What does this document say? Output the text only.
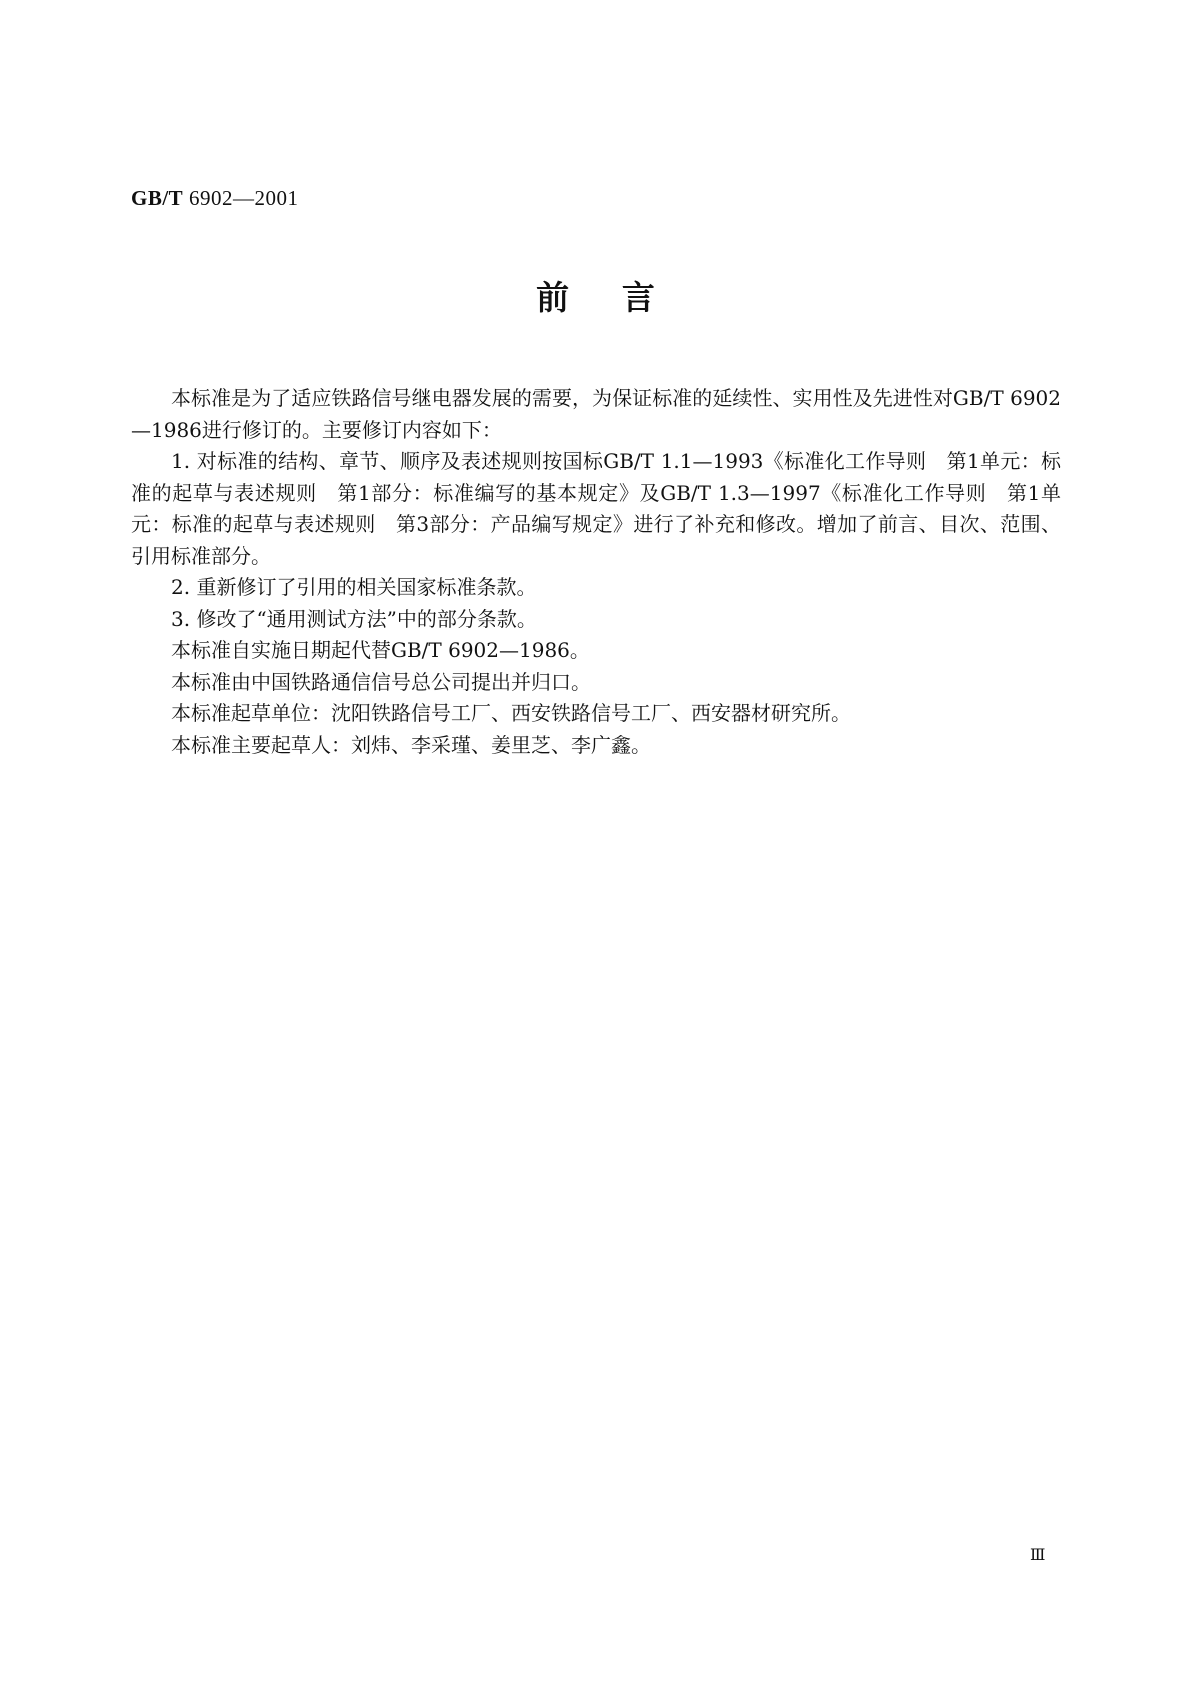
GB/T 6902—2001
前言

本标准是为了适应铁路信号继电器发展的需要，为保证标准的延续性、实用性及先进性对GB/T 6902—1986进行修订的。主要修订内容如下：

1. 对标准的结构、章节、顺序及表述规则按国标GB/T 1.1—1993《标准化工作导则　第1单元：标准的起草与表述规则　第1部分：标准编写的基本规定》及GB/T 1.3—1997《标准化工作导则　第1单元：标准的起草与表述规则　第3部分：产品编写规定》进行了补充和修改。增加了前言、目次、范围、引用标准部分。

2. 重新修订了引用的相关国家标准条款。

3. 修改了“通用测试方法”中的部分条款。

本标准自实施日期起代替GB/T 6902—1986。

本标准由中国铁路通信信号总公司提出并归口。

本标准起草单位：沈阳铁路信号工厂、西安铁路信号工厂、西安器材研究所。

本标准主要起草人：刘炜、李采瑾、姜里芝、李广鑫。

Ⅲ
